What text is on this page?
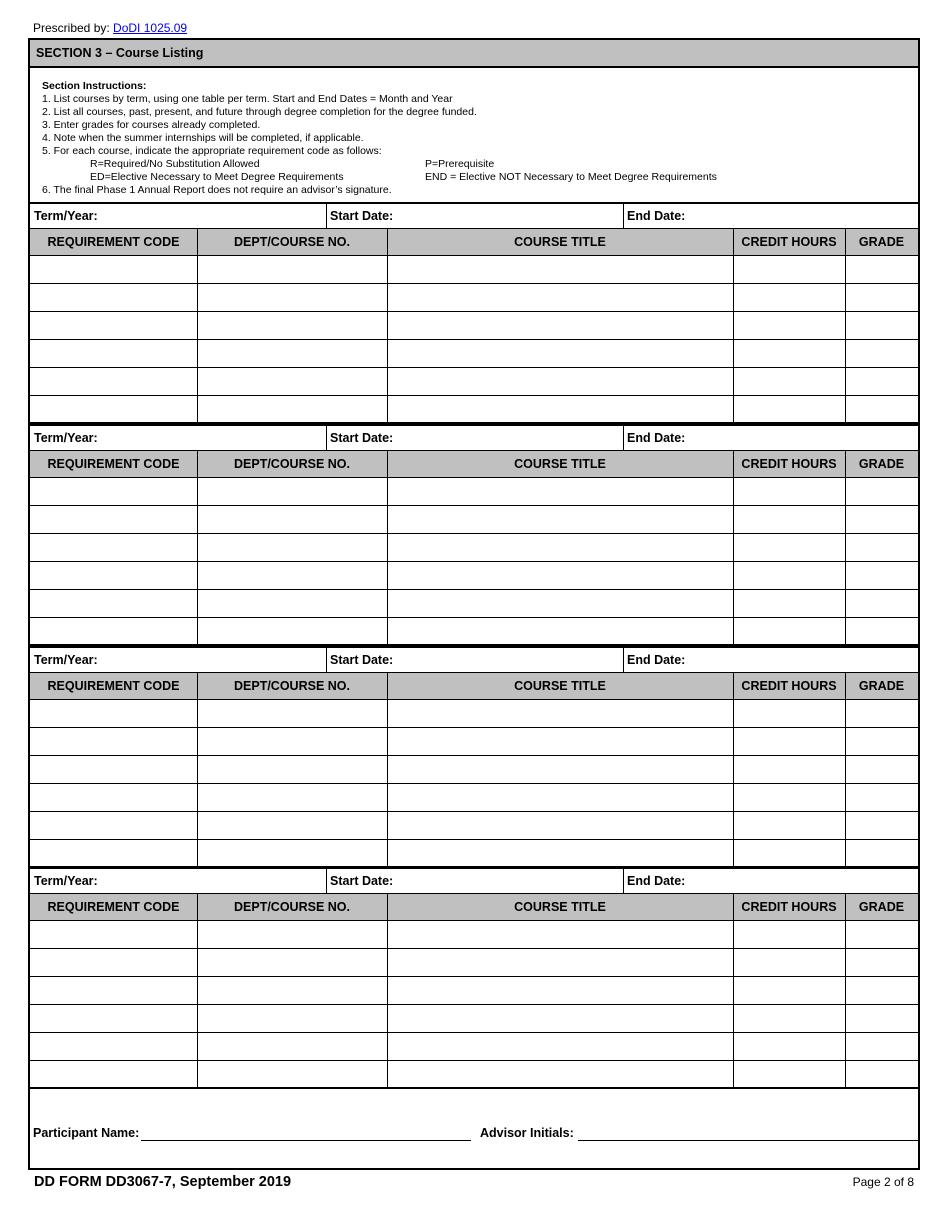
Prescribed by: DoDI 1025.09
SECTION 3 – Course Listing
Section Instructions:
1. List courses by term, using one table per term. Start and End Dates = Month and Year
2. List all courses, past, present, and future through degree completion for the degree funded.
3. Enter grades for courses already completed.
4. Note when the summer internships will be completed, if applicable.
5. For each course, indicate the appropriate requirement code as follows:
R=Required/No Substitution Allowed	P=Prerequisite
ED=Elective Necessary to Meet Degree Requirements	END = Elective NOT Necessary to Meet Degree Requirements
6. The final Phase 1 Annual Report does not require an advisor’s signature.
Term/Year:	Start Date:	End Date:
REQUIREMENT CODE	DEPT/COURSE NO.	COURSE TITLE	CREDIT HOURS	GRADE
Term/Year:	Start Date:	End Date:
REQUIREMENT CODE	DEPT/COURSE NO.	COURSE TITLE	CREDIT HOURS	GRADE
Term/Year:	Start Date:	End Date:
REQUIREMENT CODE	DEPT/COURSE NO.	COURSE TITLE	CREDIT HOURS	GRADE
Term/Year:	Start Date:	End Date:
REQUIREMENT CODE	DEPT/COURSE NO.	COURSE TITLE	CREDIT HOURS	GRADE
Participant Name:	Advisor Initials:
DD FORM DD3067-7, September 2019	Page 2 of 8
